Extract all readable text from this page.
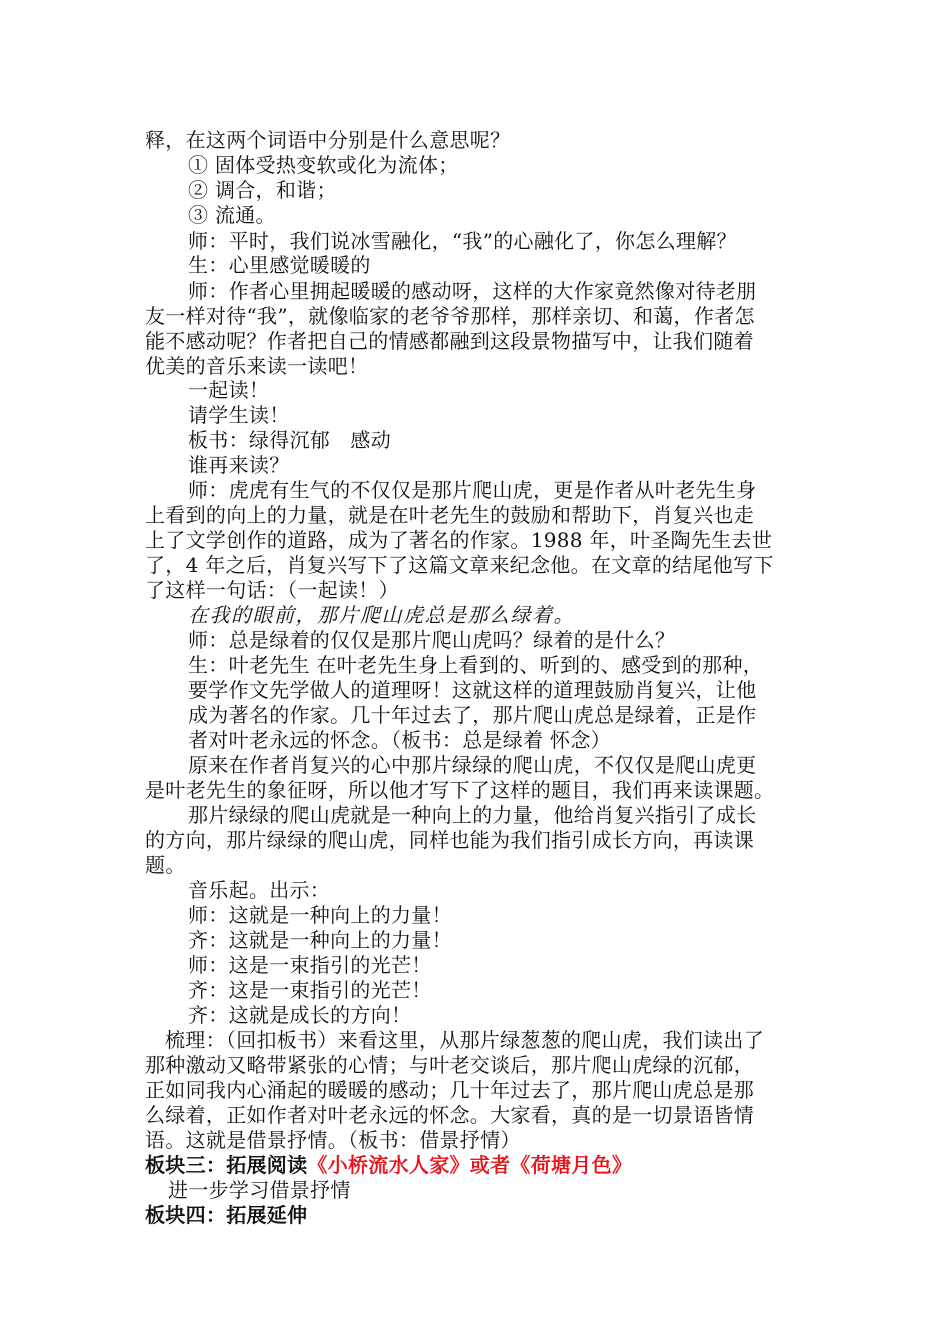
释，在这两个词语中分别是什么意思呢？
① 固体受热变软或化为流体；
② 调合，和谐；
③ 流通。
师：平时，我们说冰雪融化，“我”的心融化了，你怎么理解？
生：心里感觉暖暖的
师：作者心里拥起暖暖的感动呀，这样的大作家竟然像对待老朋
友一样对待“我”，就像临家的老爷爷那样，那样亲切、和蔼，作者怎
能不感动呢？作者把自己的情感都融到这段景物描写中，让我们随着
优美的音乐来读一读吧！
一起读！
请学生读！
板书：绿得沉郁　感动
谁再来读？
师：虎虎有生气的不仅仅是那片爬山虎，更是作者从叶老先生身
上看到的向上的力量，就是在叶老先生的鼓励和帮助下，肖复兴也走
上了文学创作的道路，成为了著名的作家。1988 年，叶圣陶先生去世
了，4 年之后，肖复兴写下了这篇文章来纪念他。在文章的结尾他写下
了这样一句话：（一起读！）
在我的眼前，那片爬山虎总是那么绿着。
师：总是绿着的仅仅是那片爬山虎吗？绿着的是什么？
生：叶老先生 在叶老先生身上看到的、听到的、感受到的那种，
要学作文先学做人的道理呀！这就这样的道理鼓励肖复兴，让他
成为著名的作家。几十年过去了，那片爬山虎总是绿着，正是作
者对叶老永远的怀念。（板书：总是绿着 怀念）
原来在作者肖复兴的心中那片绿绿的爬山虎，不仅仅是爬山虎更
是叶老先生的象征呀，所以他才写下了这样的题目，我们再来读课题。
那片绿绿的爬山虎就是一种向上的力量，他给肖复兴指引了成长
的方向，那片绿绿的爬山虎，同样也能为我们指引成长方向，再读课
题。
音乐起。出示：
师：这就是一种向上的力量！
齐：这就是一种向上的力量！
师：这是一束指引的光芒！
齐：这是一束指引的光芒！
齐：这就是成长的方向！
梳理：（回扣板书）来看这里，从那片绿葱葱的爬山虎，我们读出了
那种激动又略带紧张的心情；与叶老交谈后，那片爬山虎绿的沉郁，
正如同我内心涌起的暖暖的感动；几十年过去了，那片爬山虎总是那
么绿着，正如作者对叶老永远的怀念。大家看，真的是一切景语皆情
语。这就是借景抒情。（板书：借景抒情）
板块三：拓展阅读《小桥流水人家》或者《荷塘月色》
进一步学习借景抒情
板块四：拓展延伸
